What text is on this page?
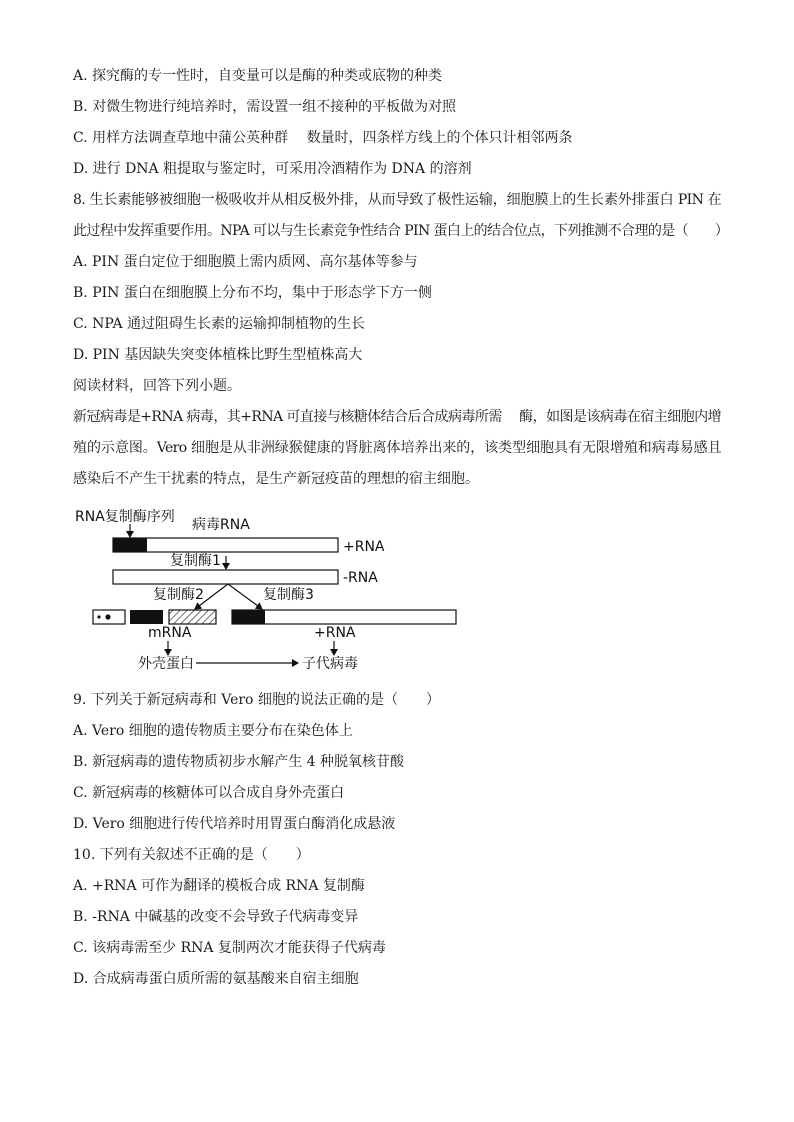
A. 探究酶的专一性时，自变量可以是酶的种类或底物的种类
B. 对微生物进行纯培养时，需设置一组不接种的平板做为对照
C. 用样方法调查草地中蒲公英种群　 数量时，四条样方线上的个体只计相邻两条
D. 进行 DNA 粗提取与鉴定时，可采用冷酒精作为 DNA 的溶剂
8. 生长素能够被细胞一极吸收并从相反极外排，从而导致了极性运输，细胞膜上的生长素外排蛋白 PIN 在
此过程中发挥重要作用。NPA 可以与生长素竞争性结合 PIN 蛋白上的结合位点，下列推测不合理的是（　　）
A. PIN 蛋白定位于细胞膜上需内质网、高尔基体等参与
B. PIN 蛋白在细胞膜上分布不均，集中于形态学下方一侧
C. NPA 通过阻碍生长素的运输抑制植物的生长
D. PIN 基因缺失突变体植株比野生型植株高大
阅读材料，回答下列小题。
新冠病毒是+RNA 病毒，其+RNA 可直接与核糖体结合后合成病毒所需　 酶，如图是该病毒在宿主细胞内增
殖的示意图。Vero 细胞是从非洲绿猴健康的肾脏离体培养出来的，该类型细胞具有无限增殖和病毒易感且
感染后不产生干扰素的特点，是生产新冠疫苗的理想的宿主细胞。
RNA复制酶序列 病毒RNA
+RNA
复制酶1
-RNA
复制酶2	复制酶3
mRNA	+RNA
外壳蛋白	子代病毒
9. 下列关于新冠病毒和 Vero 细胞的说法正确的是（　　）
A. Vero 细胞的遗传物质主要分布在染色体上
B. 新冠病毒的遗传物质初步水解产生 4 种脱氧核苷酸
C. 新冠病毒的核糖体可以合成自身外壳蛋白
D. Vero 细胞进行传代培养时用胃蛋白酶消化成悬液
10. 下列有关叙述不正确的是（　　）
A. +RNA 可作为翻译的模板合成 RNA 复制酶
B. -RNA 中碱基的改变不会导致子代病毒变异
C. 该病毒需至少 RNA 复制两次才能获得子代病毒
D. 合成病毒蛋白质所需的氨基酸来自宿主细胞
